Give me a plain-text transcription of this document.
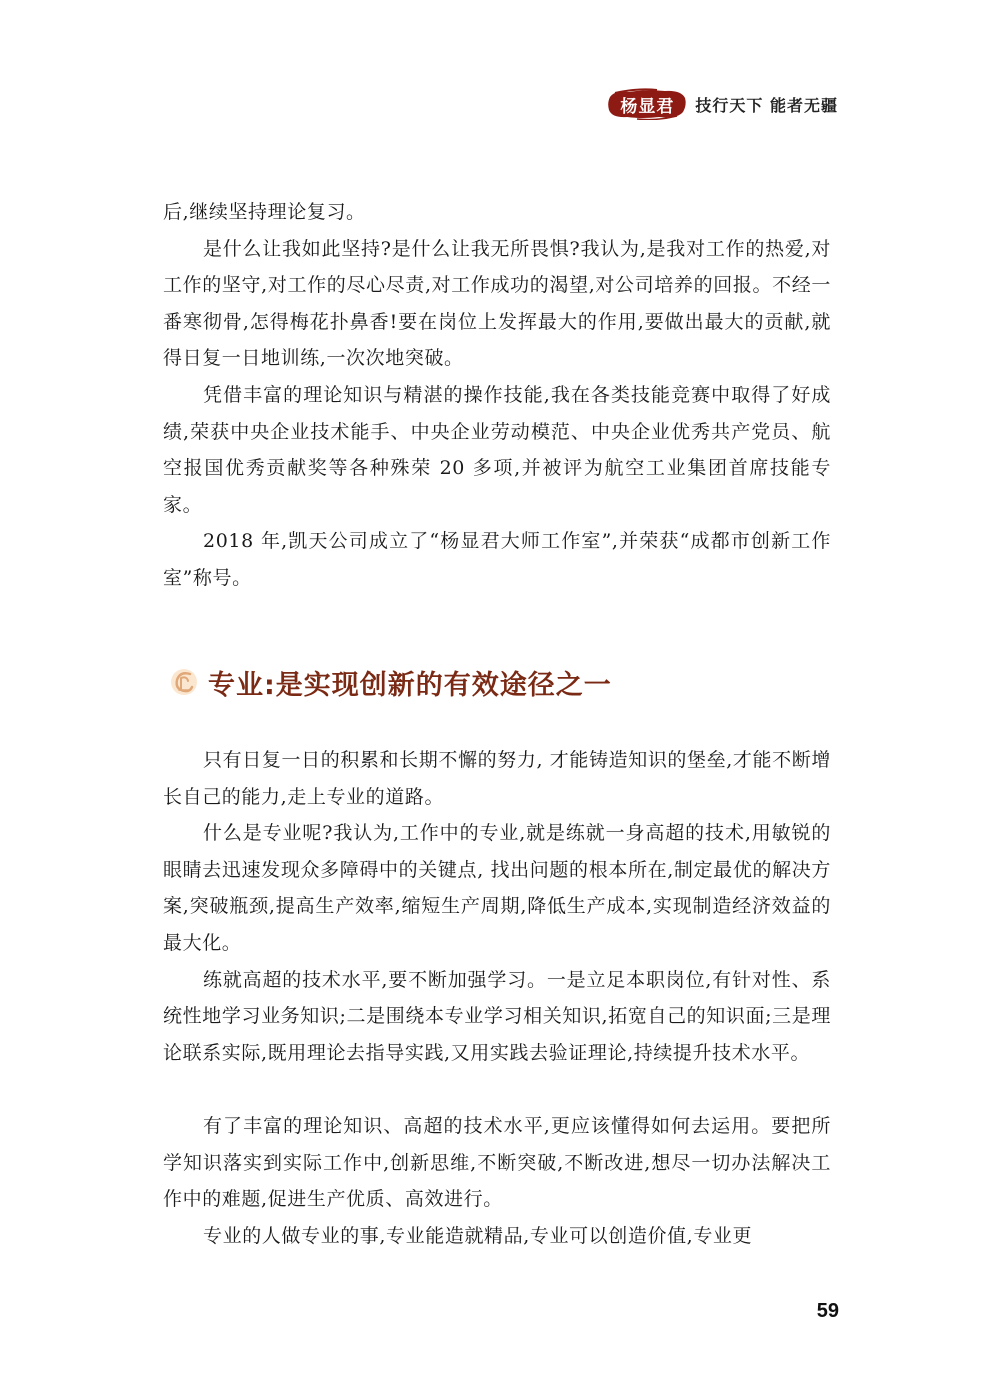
杨显君 技行天下 能者无疆

后,继续坚持理论复习。

是什么让我如此坚持?是什么让我无所畏惧?我认为,是我对工作的热爱,对工作的坚守,对工作的尽心尽责,对工作成功的渴望,对公司培养的回报。不经一番寒彻骨,怎得梅花扑鼻香!要在岗位上发挥最大的作用,要做出最大的贡献,就得日复一日地训练,一次次地突破。

凭借丰富的理论知识与精湛的操作技能,我在各类技能竞赛中取得了好成绩,荣获中央企业技术能手、中央企业劳动模范、中央企业优秀共产党员、航空报国优秀贡献奖等各种殊荣 20 多项,并被评为航空工业集团首席技能专家。

2018 年,凯天公司成立了“杨显君大师工作室”,并荣获“成都市创新工作室”称号。

专业:是实现创新的有效途径之一

只有日复一日的积累和长期不懈的努力, 才能铸造知识的堡垒,才能不断增长自己的能力,走上专业的道路。

什么是专业呢?我认为,工作中的专业,就是练就一身高超的技术,用敏锐的眼睛去迅速发现众多障碍中的关键点, 找出问题的根本所在,制定最优的解决方案,突破瓶颈,提高生产效率,缩短生产周期,降低生产成本,实现制造经济效益的最大化。

练就高超的技术水平,要不断加强学习。一是立足本职岗位,有针对性、系统性地学习业务知识;二是围绕本专业学习相关知识,拓宽自己的知识面;三是理论联系实际,既用理论去指导实践,又用实践去验证理论,持续提升技术水平。

有了丰富的理论知识、高超的技术水平,更应该懂得如何去运用。要把所学知识落实到实际工作中,创新思维,不断突破,不断改进,想尽一切办法解决工作中的难题,促进生产优质、高效进行。

专业的人做专业的事,专业能造就精品,专业可以创造价值,专业更

59
